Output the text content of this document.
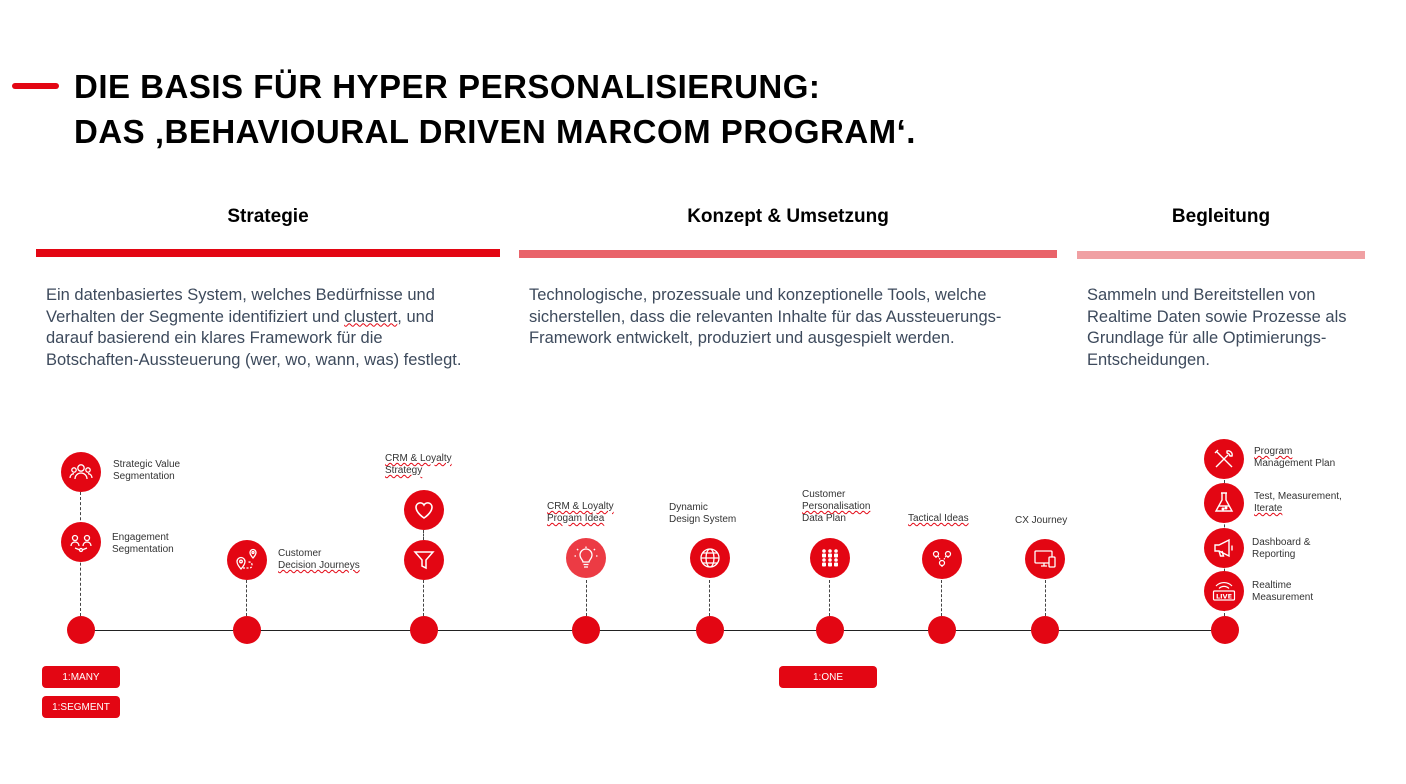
DIE BASIS FÜR HYPER PERSONALISIERUNG:
DAS ‚BEHAVIOURAL DRIVEN MARCOM PROGRAM‘.
Strategie	Konzept & Umsetzung	Begleitung
Ein datenbasiertes System, welches Bedürfnisse und Verhalten der Segmente identifiziert und clustert, und darauf basierend ein klares Framework für die Botschaften-Aussteuerung (wer, wo, wann, was) festlegt.
Technologische, prozessuale und konzeptionelle Tools, welche sicherstellen, dass die relevanten Inhalte für das Aussteuerungs-Framework entwickelt, produziert und ausgespielt werden.
Sammeln und Bereitstellen von Realtime Daten sowie Prozesse als Grundlage für alle Optimierungs-Entscheidungen.
Strategic Value Segmentation
Engagement Segmentation	Customer
Decision Journeys
CRM & Loyalty
Strategy
CRM & Loyalty
Progam Idea
Dynamic
Design System
Customer
Personalisation
Data Plan	Tactical Ideas	CX Journey
Program
Management Plan
Test, Measurement,
Iterate
Dashboard &
Reporting
LIVE
Realtime
Measurement
1:MANY
1:SEGMENT
1:ONE
